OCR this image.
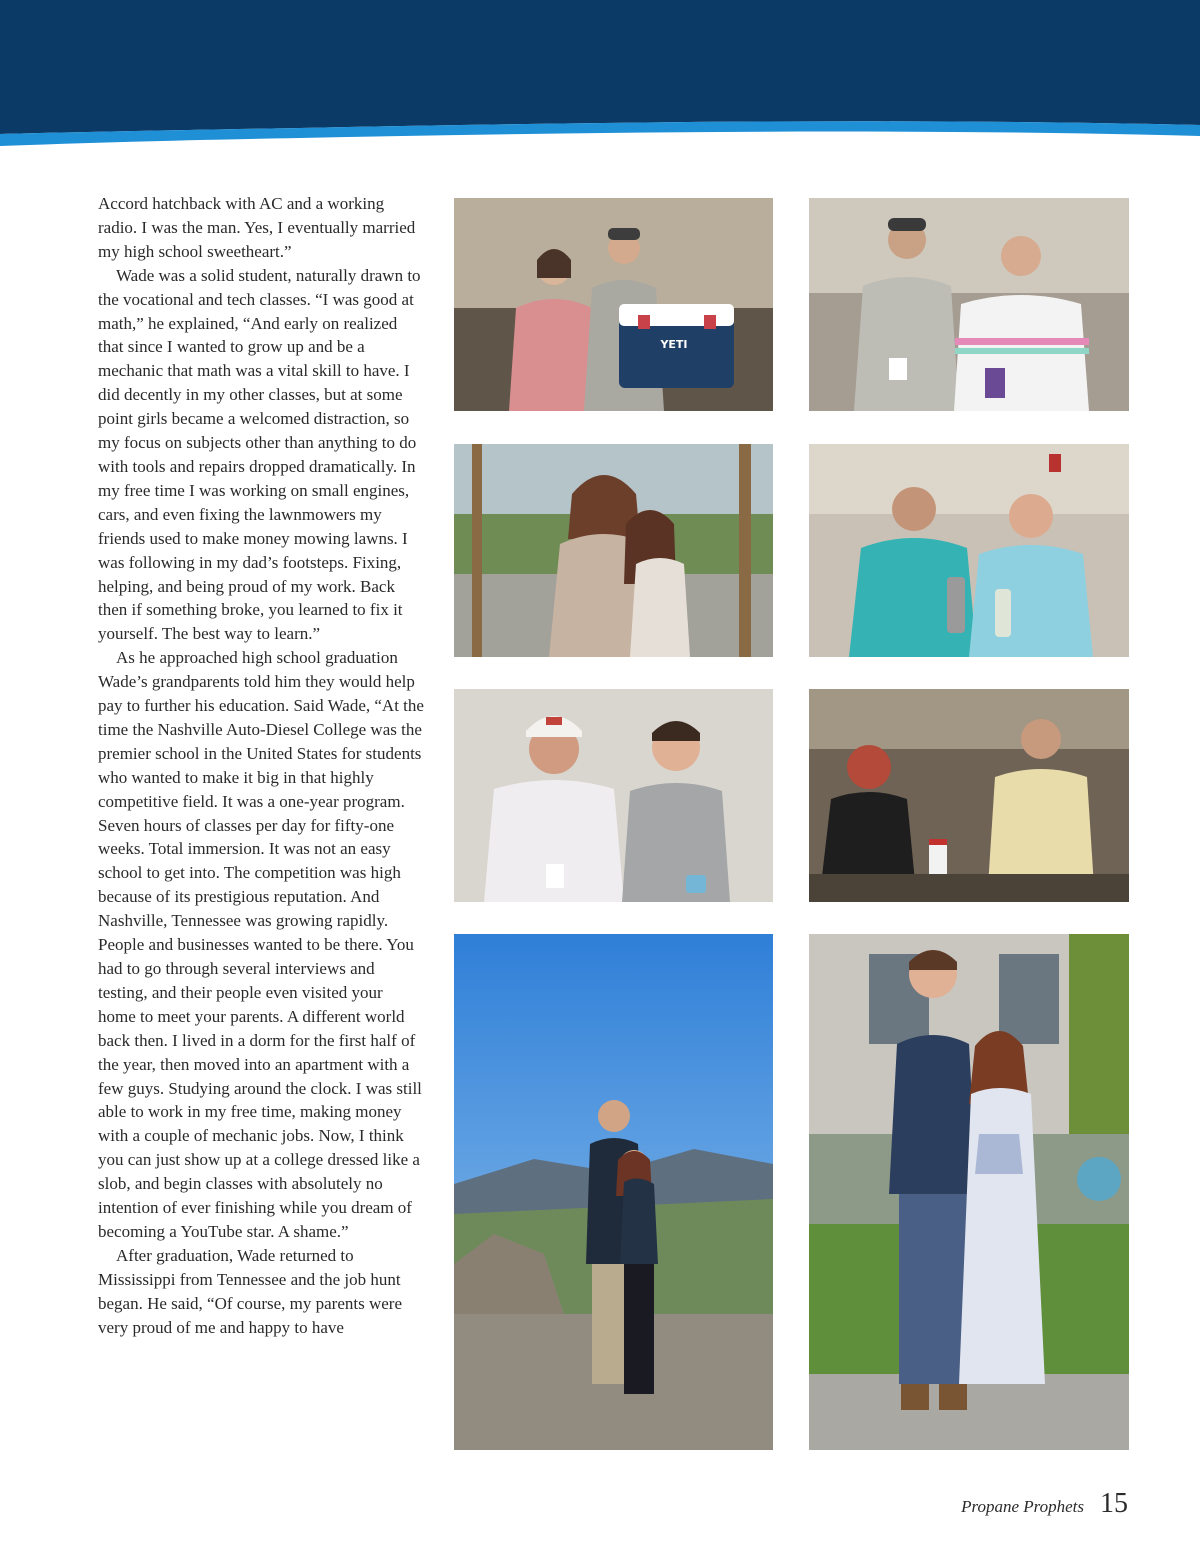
Accord hatchback with AC and a working radio. I was the man. Yes, I eventually married my high school sweetheart.”

Wade was a solid student, naturally drawn to the vocational and tech classes. “I was good at math,” he explained, “And early on realized that since I wanted to grow up and be a mechanic that math was a vital skill to have. I did decently in my other classes, but at some point girls became a welcomed distraction, so my focus on subjects other than anything to do with tools and repairs dropped dramatically. In my free time I was working on small engines, cars, and even fixing the lawnmowers my friends used to make money mowing lawns. I was following in my dad’s footsteps. Fixing, helping, and being proud of my work. Back then if something broke, you learned to fix it yourself. The best way to learn.”

As he approached high school graduation Wade’s grandparents told him they would help pay to further his education. Said Wade, “At the time the Nashville Auto-Diesel College was the premier school in the United States for students who wanted to make it big in that highly competitive field. It was a one-year program. Seven hours of classes per day for fifty-one weeks. Total immersion. It was not an easy school to get into. The competition was high because of its prestigious reputation. And Nashville, Tennessee was growing rapidly. People and businesses wanted to be there. You had to go through several interviews and testing, and their people even visited your home to meet your parents. A different world back then. I lived in a dorm for the first half of the year, then moved into an apartment with a few guys. Studying around the clock. I was still able to work in my free time, making money with a couple of mechanic jobs. Now, I think you can just show up at a college dressed like a slob, and begin classes with absolutely no intention of ever finishing while you dream of becoming a YouTube star. A shame.”

After graduation, Wade returned to Mississippi from Tennessee and the job hunt began. He said, “Of course, my parents were very proud of me and happy to have

YETI
Propane Prophets 15
